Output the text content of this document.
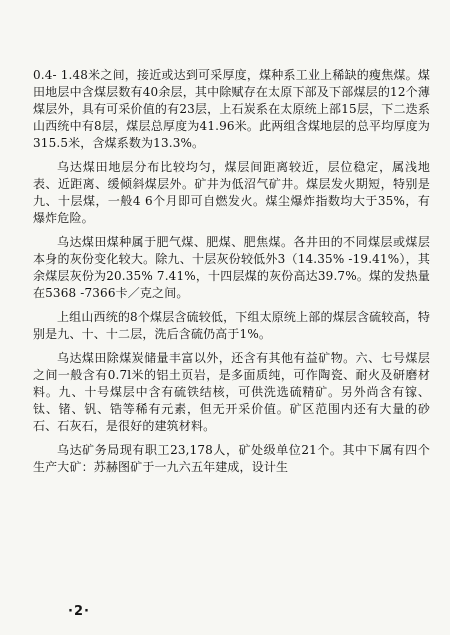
0.4- 1.48米之间，接近或达到可采厚度，煤种系工业上稀缺的瘦焦煤。煤田地层中含煤层数有40余层，其中除赋存在太原下部及下部煤层的12个薄煤层外，具有可采价值的有23层，上石炭系在太原统上部15层，下二迭系山西统中有8层，煤层总厚度为41.96米。此两组含煤地层的总平均厚度为315.5米，含煤系数为13.3%。

乌达煤田地层分布比较均匀，煤层间距离较近，层位稳定，属浅地表、近距离、缓倾斜煤层外。矿井为低沼气矿井。煤层发火期短，特别是九、十层煤，一般4 6个月即可自燃发火。煤尘爆炸指数均大于35%，有爆炸危险。

乌达煤田煤种属于肥气煤、肥煤、肥焦煤。各井田的不同煤层或煤层本身的灰份变化较大。除九、十层灰份较低外3（14.35% -19.41%），其余煤层灰份为20.35% 7.41%，十四层煤的灰份高达39.7%。煤的发热量在5368 -7366卡／克之间。

上组山西统的8个煤层含硫较低，下组太原统上部的煤层含硫较高，特别是九、十、十二层，洗后含硫仍高于1%。

乌达煤田除煤炭储量丰富以外，还含有其他有益矿物。六、七号煤层之间一般含有0.7l米的铝土页岩，是多面质纯，可作陶瓷、耐火及研磨材料。九、十号煤层中含有硫铁结核，可供洗选硫精矿。另外尚含有镓、钛、锗、钒、锆等稀有元素，但无开采价值。矿区范围内还有大量的砂石、石灰石，是很好的建筑材料。

乌达矿务局现有职工23,178人，矿处级单位21个。其中下属有四个生产大矿：苏赫图矿于一九六五年建成，设计生

·2·
